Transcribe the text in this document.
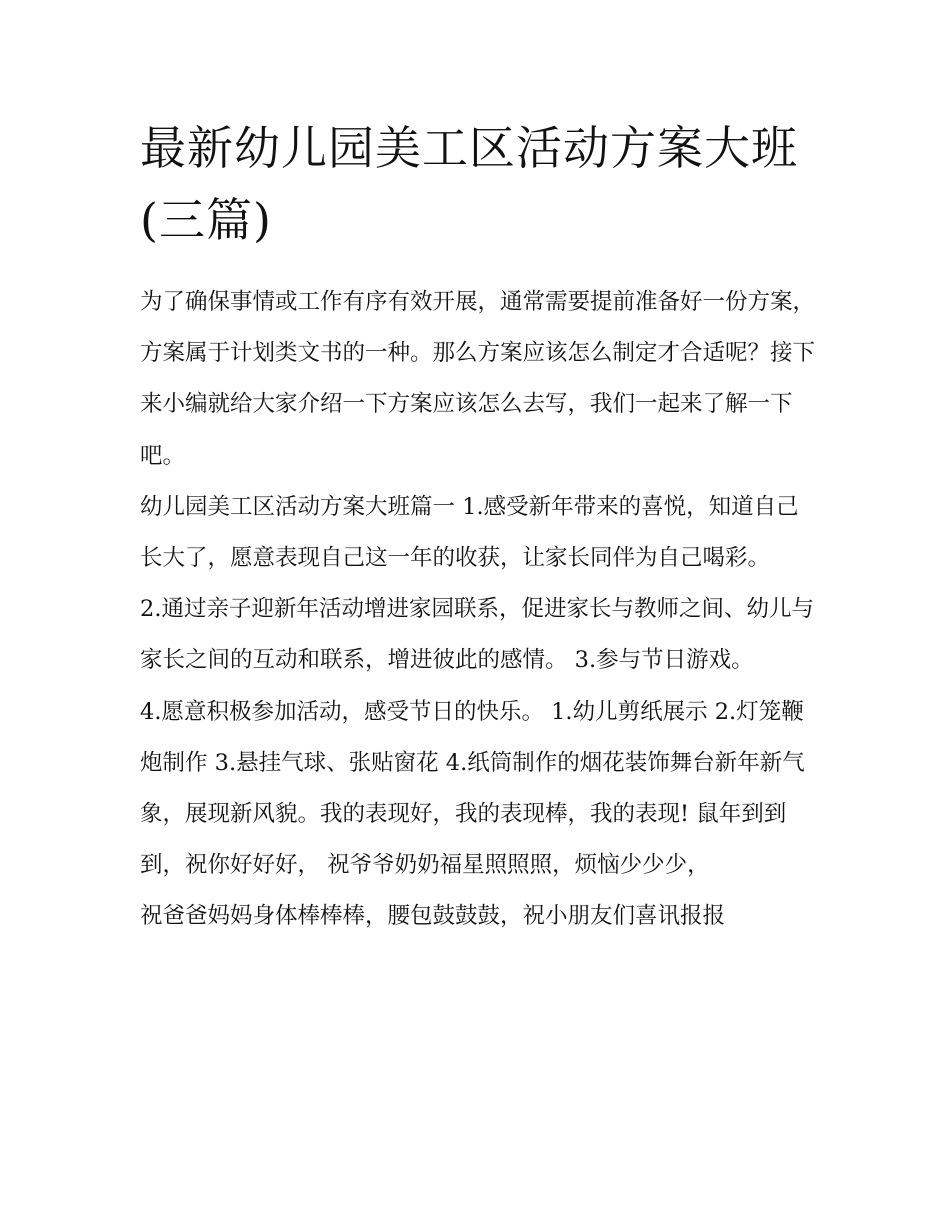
最新幼儿园美工区活动方案大班(三篇)

为了确保事情或工作有序有效开展，通常需要提前准备好一份方案，方案属于计划类文书的一种。那么方案应该怎么制定才合适呢？接下来小编就给大家介绍一下方案应该怎么去写，我们一起来了解一下吧。

幼儿园美工区活动方案大班篇一 1.感受新年带来的喜悦，知道自己长大了，愿意表现自己这一年的收获，让家长同伴为自己喝彩。

2.通过亲子迎新年活动增进家园联系，促进家长与教师之间、幼儿与家长之间的互动和联系，增进彼此的感情。 3.参与节日游戏。

4.愿意积极参加活动，感受节日的快乐。 1.幼儿剪纸展示 2.灯笼鞭炮制作 3.悬挂气球、张贴窗花 4.纸筒制作的烟花装饰舞台新年新气象，展现新风貌。我的表现好，我的表现棒，我的表现! 鼠年到到到，祝你好好好， 祝爷爷奶奶福星照照照，烦恼少少少，

祝爸爸妈妈身体棒棒棒，腰包鼓鼓鼓，祝小朋友们喜讯报报
